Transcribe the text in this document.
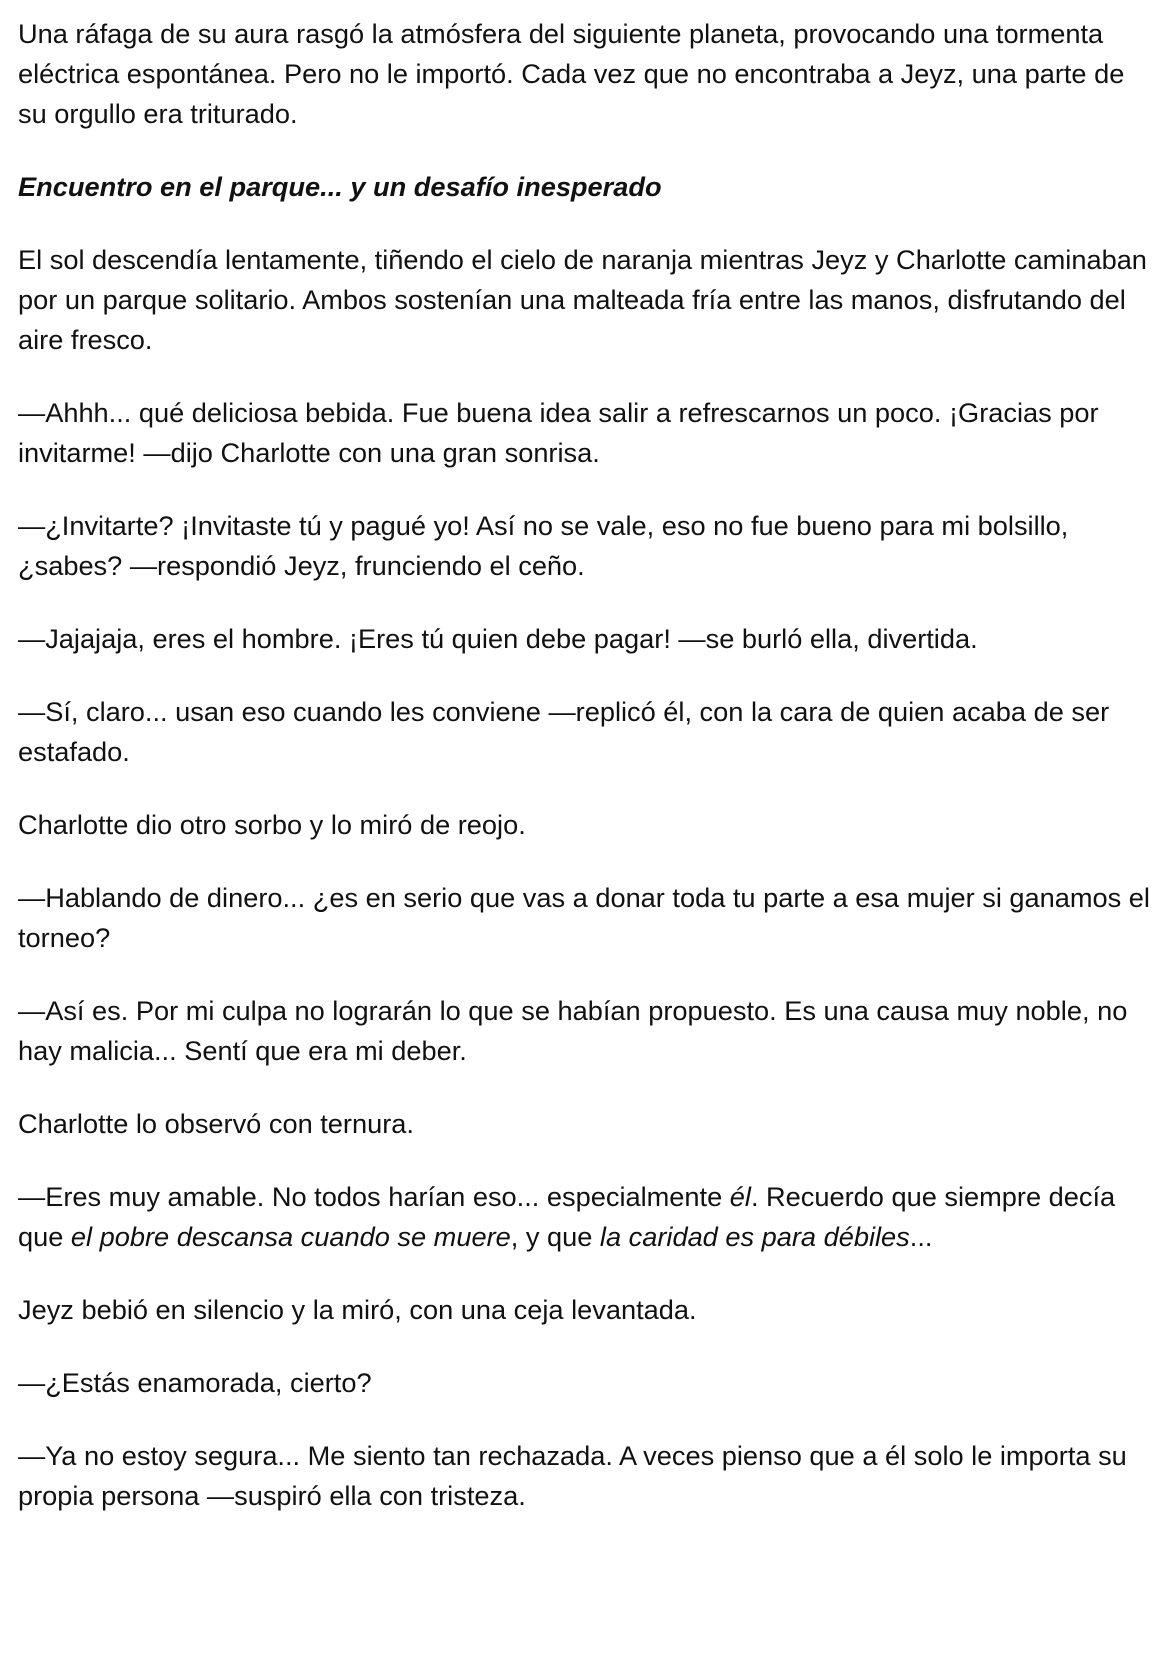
Una ráfaga de su aura rasgó la atmósfera del siguiente planeta, provocando una tormenta eléctrica espontánea. Pero no le importó. Cada vez que no encontraba a Jeyz, una parte de su orgullo era triturado.

Encuentro en el parque... y un desafío inesperado

El sol descendía lentamente, tiñendo el cielo de naranja mientras Jeyz y Charlotte caminaban por un parque solitario. Ambos sostenían una malteada fría entre las manos, disfrutando del aire fresco.

—Ahhh... qué deliciosa bebida. Fue buena idea salir a refrescarnos un poco. ¡Gracias por invitarme! —dijo Charlotte con una gran sonrisa.

—¿Invitarte? ¡Invitaste tú y pagué yo! Así no se vale, eso no fue bueno para mi bolsillo, ¿sabes? —respondió Jeyz, frunciendo el ceño.

—Jajajaja, eres el hombre. ¡Eres tú quien debe pagar! —se burló ella, divertida.

—Sí, claro... usan eso cuando les conviene —replicó él, con la cara de quien acaba de ser estafado.

Charlotte dio otro sorbo y lo miró de reojo.

—Hablando de dinero... ¿es en serio que vas a donar toda tu parte a esa mujer si ganamos el torneo?

—Así es. Por mi culpa no lograrán lo que se habían propuesto. Es una causa muy noble, no hay malicia... Sentí que era mi deber.

Charlotte lo observó con ternura.

—Eres muy amable. No todos harían eso... especialmente él. Recuerdo que siempre decía que el pobre descansa cuando se muere, y que la caridad es para débiles...

Jeyz bebió en silencio y la miró, con una ceja levantada.

—¿Estás enamorada, cierto?

—Ya no estoy segura... Me siento tan rechazada. A veces pienso que a él solo le importa su propia persona —suspiró ella con tristeza.
